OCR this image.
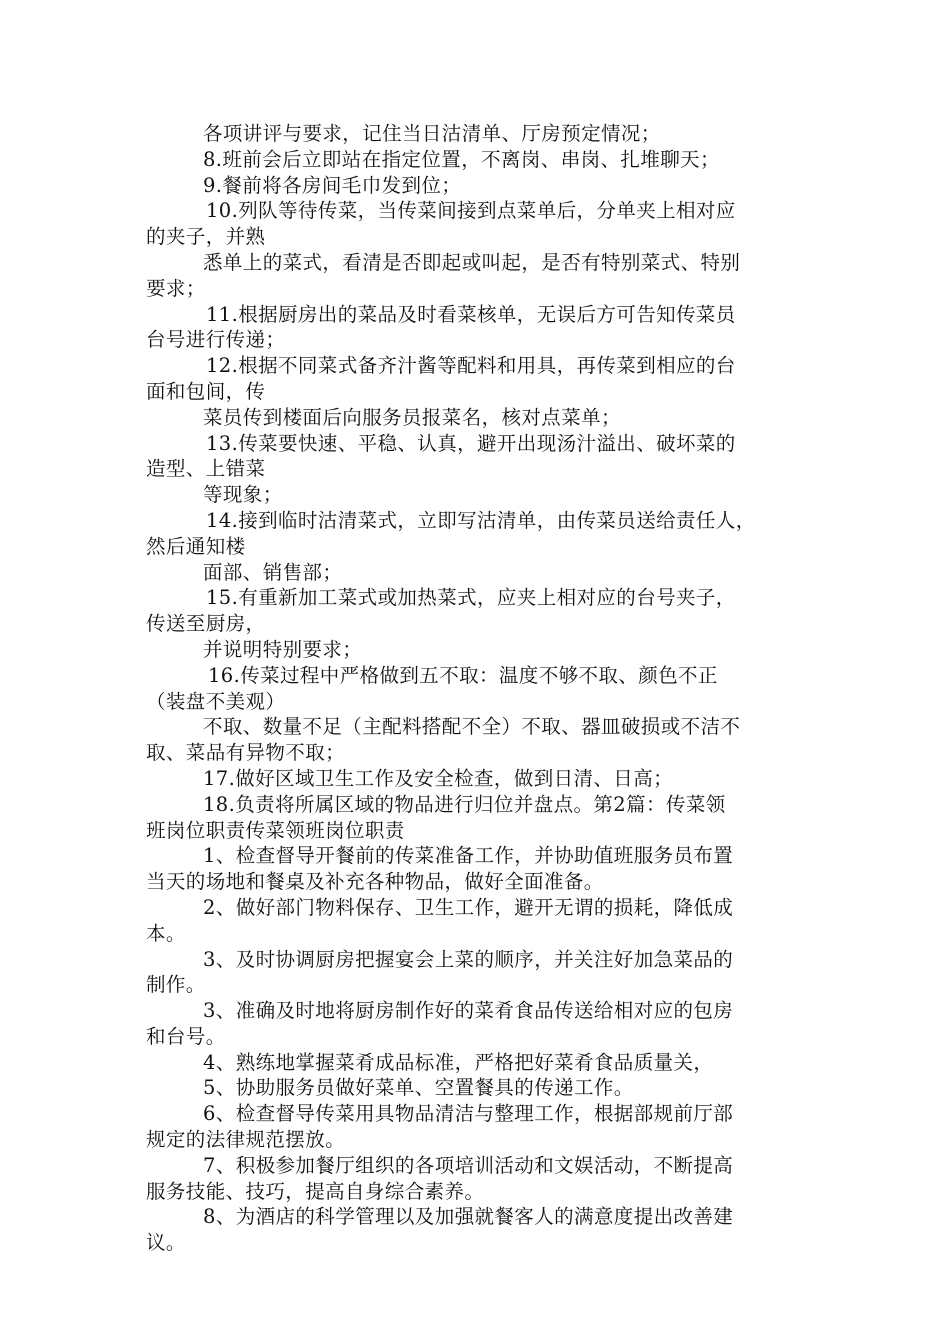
各项讲评与要求，记住当日沽清单、厅房预定情况；
8.班前会后立即站在指定位置，不离岗、串岗、扎堆聊天；
9.餐前将各房间毛巾发到位；
10.列队等待传菜，当传菜间接到点菜单后，分单夹上相对应
的夹子，并熟
悉单上的菜式，看清是否即起或叫起，是否有特别菜式、特别
要求；
11.根据厨房出的菜品及时看菜核单，无误后方可告知传菜员
台号进行传递；
12.根据不同菜式备齐汁酱等配料和用具，再传菜到相应的台
面和包间，传
菜员传到楼面后向服务员报菜名，核对点菜单；
13.传菜要快速、平稳、认真，避开出现汤汁溢出、破坏菜的
造型、上错菜
等现象；
14.接到临时沽清菜式，立即写沽清单，由传菜员送给责任人，
然后通知楼
面部、销售部；
15.有重新加工菜式或加热菜式，应夹上相对应的台号夹子，
传送至厨房，
并说明特别要求；
16.传菜过程中严格做到五不取：温度不够不取、颜色不正
（装盘不美观）
不取、数量不足（主配料搭配不全）不取、器皿破损或不洁不
取、菜品有异物不取；
17.做好区域卫生工作及安全检查，做到日清、日高；
18.负责将所属区域的物品进行归位并盘点。第2篇：传菜领
班岗位职责传菜领班岗位职责
1、检查督导开餐前的传菜准备工作，并协助值班服务员布置
当天的场地和餐桌及补充各种物品，做好全面准备。
2、做好部门物料保存、卫生工作，避开无谓的损耗，降低成
本。
3、及时协调厨房把握宴会上菜的顺序，并关注好加急菜品的
制作。
3、准确及时地将厨房制作好的菜肴食品传送给相对应的包房
和台号。
4、熟练地掌握菜肴成品标准，严格把好菜肴食品质量关，
5、协助服务员做好菜单、空置餐具的传递工作。
6、检查督导传菜用具物品清洁与整理工作，根据部规前厅部
规定的法律规范摆放。
7、积极参加餐厅组织的各项培训活动和文娱活动，不断提高
服务技能、技巧，提高自身综合素养。
8、为酒店的科学管理以及加强就餐客人的满意度提出改善建
议。
